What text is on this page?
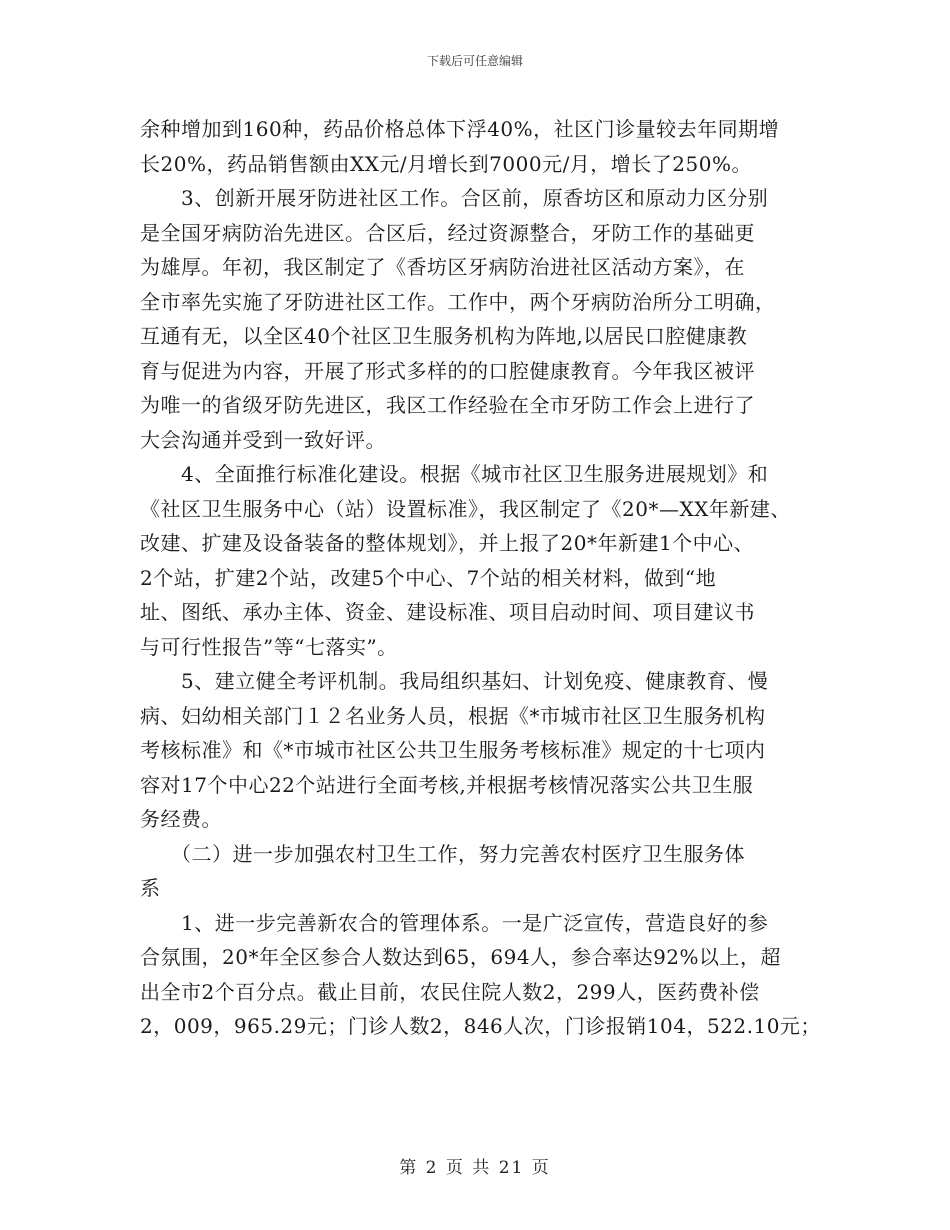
下载后可任意编辑
余种增加到160种，药品价格总体下浮40%，社区门诊量较去年同期增
长20%，药品销售额由XX元/月增长到7000元/月，增长了250%。
　　3、创新开展牙防进社区工作。合区前，原香坊区和原动力区分别
是全国牙病防治先进区。合区后，经过资源整合，牙防工作的基础更
为雄厚。年初，我区制定了《香坊区牙病防治进社区活动方案》，在
全市率先实施了牙防进社区工作。工作中，两个牙病防治所分工明确，
互通有无，以全区40个社区卫生服务机构为阵地,以居民口腔健康教
育与促进为内容，开展了形式多样的的口腔健康教育。今年我区被评
为唯一的省级牙防先进区，我区工作经验在全市牙防工作会上进行了
大会沟通并受到一致好评。
　　4、全面推行标准化建设。根据《城市社区卫生服务进展规划》和
《社区卫生服务中心（站）设置标准》，我区制定了《20*—XX年新建、
改建、扩建及设备装备的整体规划》，并上报了20*年新建1个中心、
2个站，扩建2个站，改建5个中心、7个站的相关材料，做到“地
址、图纸、承办主体、资金、建设标准、项目启动时间、项目建议书
与可行性报告”等“七落实”。
　　5、建立健全考评机制。我局组织基妇、计划免疫、健康教育、慢
病、妇幼相关部门１２名业务人员，根据《*市城市社区卫生服务机构
考核标准》和《*市城市社区公共卫生服务考核标准》规定的十七项内
容对17个中心22个站进行全面考核,并根据考核情况落实公共卫生服
务经费。
　　（二）进一步加强农村卫生工作，努力完善农村医疗卫生服务体
系
　　1、进一步完善新农合的管理体系。一是广泛宣传，营造良好的参
合氛围，20*年全区参合人数达到65，694人，参合率达92%以上，超
出全市2个百分点。截止目前，农民住院人数2，299人，医药费补偿
2，009，965.29元；门诊人数2，846人次，门诊报销104，522.10元；
第 2 页 共 21 页
